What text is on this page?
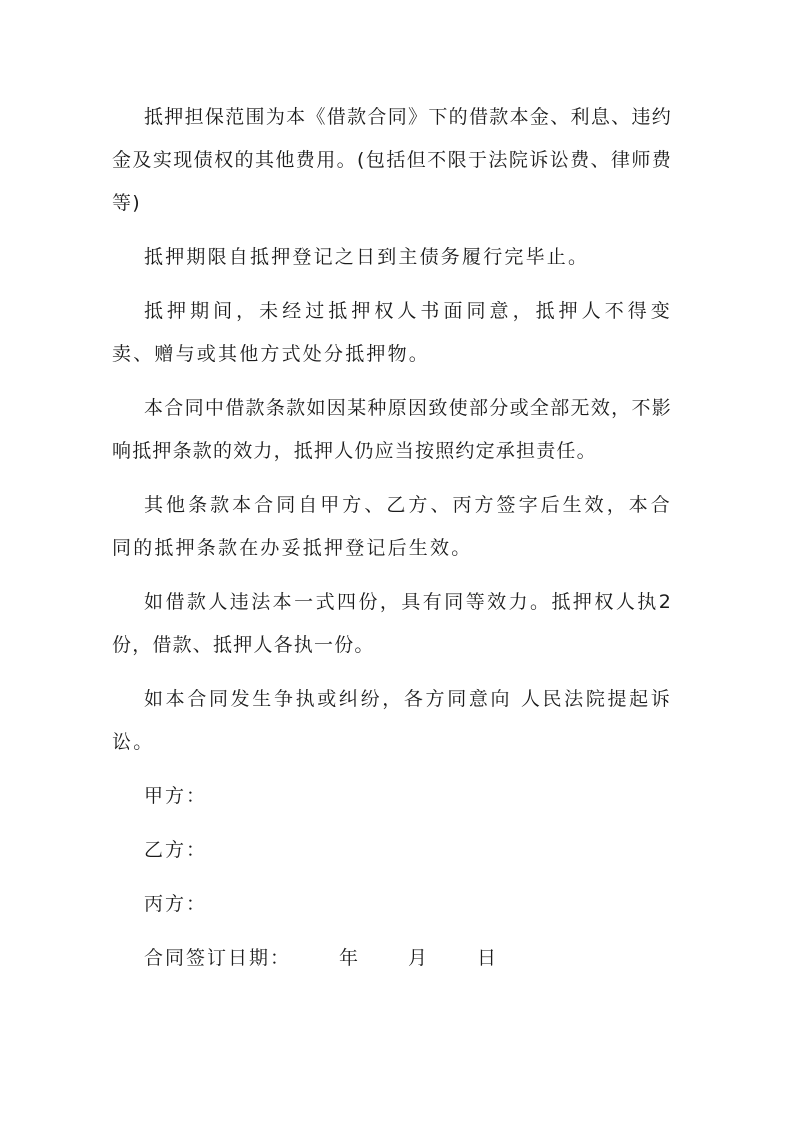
抵押担保范围为本《借款合同》下的借款本金、利息、违约金及实现债权的其他费用。(包括但不限于法院诉讼费、律师费等)

抵押期限自抵押登记之日到主债务履行完毕止。

抵押期间，未经过抵押权人书面同意，抵押人不得变卖、赠与或其他方式处分抵押物。

本合同中借款条款如因某种原因致使部分或全部无效，不影响抵押条款的效力，抵押人仍应当按照约定承担责任。

其他条款本合同自甲方、乙方、丙方签字后生效，本合同的抵押条款在办妥抵押登记后生效。

如借款人违法本一式四份，具有同等效力。抵押权人执2份，借款、抵押人各执一份。

如本合同发生争执或纠纷，各方同意向 人民法院提起诉讼。

甲方：

乙方：

丙方：

合同签订日期：	年	月	日
